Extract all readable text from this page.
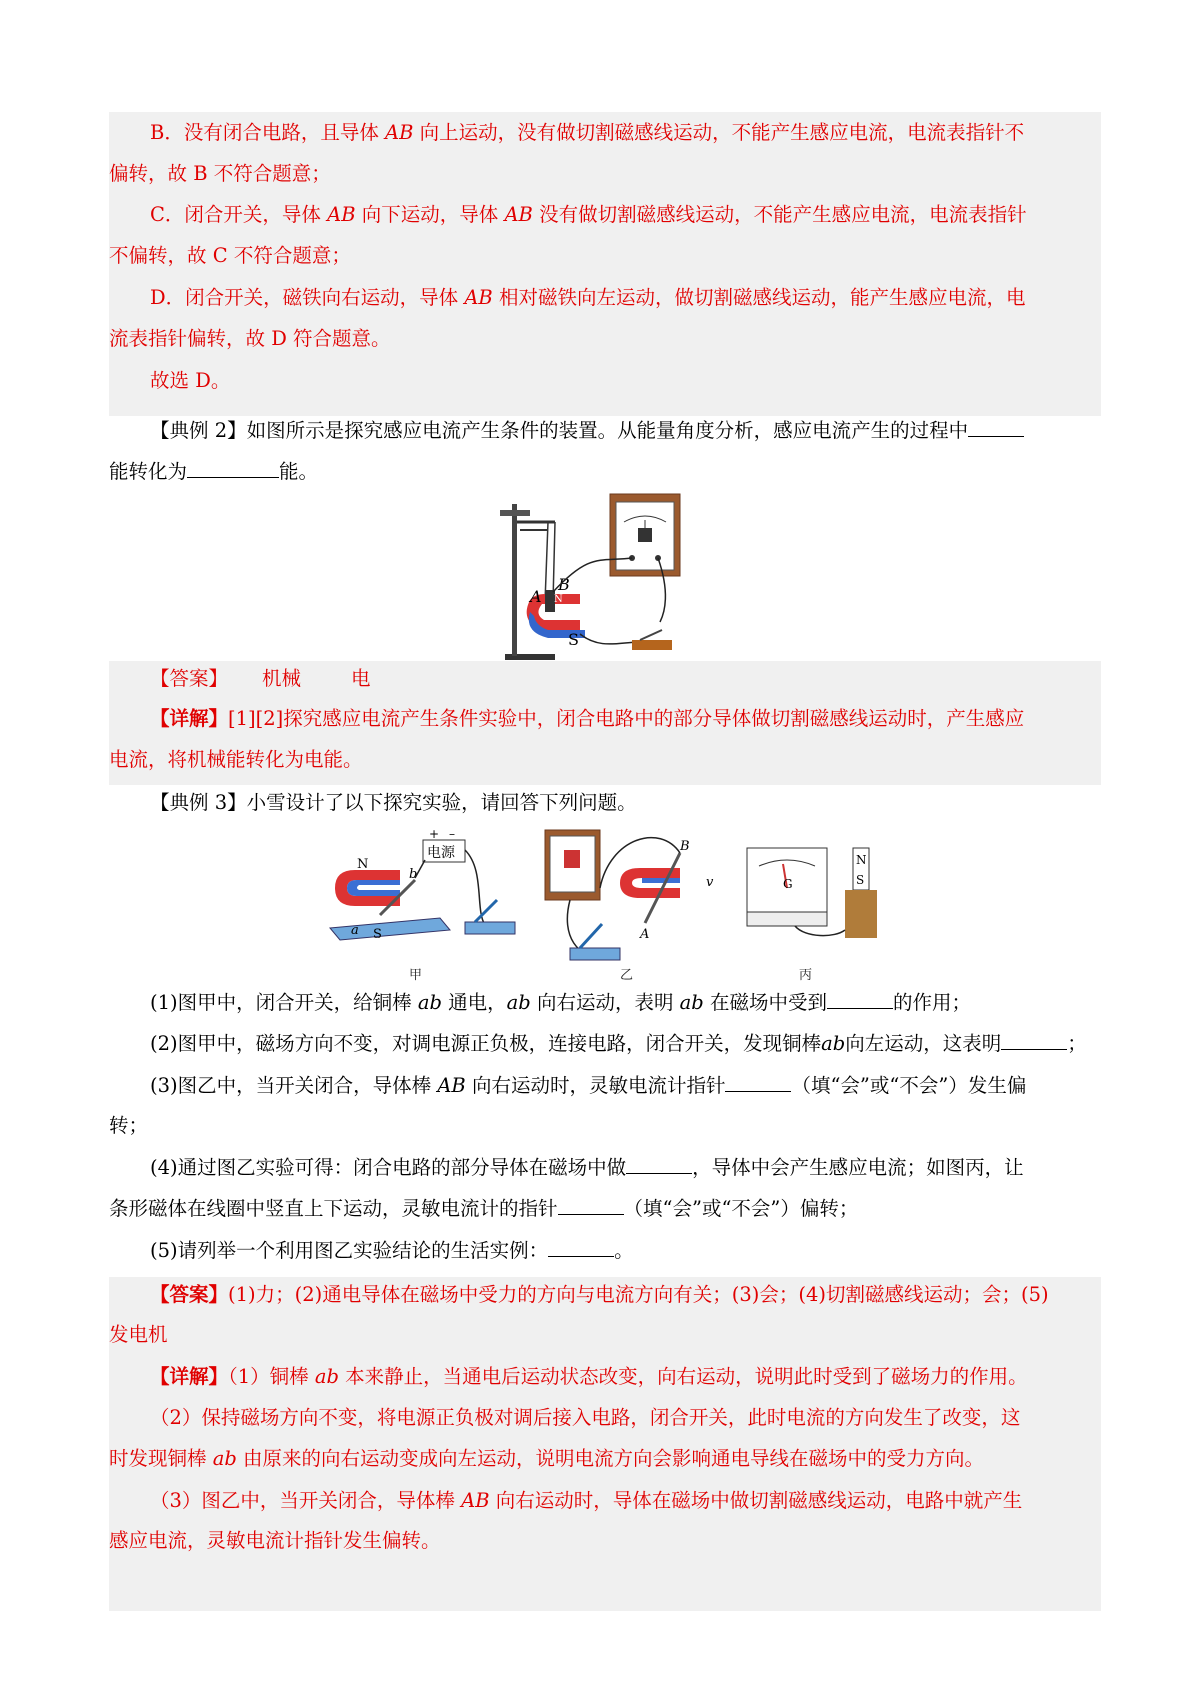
B．没有闭合电路，且导体 AB 向上运动，没有做切割磁感线运动，不能产生感应电流，电流表指针不
偏转，故 B 不符合题意；
C．闭合开关，导体 AB 向下运动，导体 AB 没有做切割磁感线运动，不能产生感应电流，电流表指针
不偏转，故 C 不符合题意；
D．闭合开关，磁铁向右运动，导体 AB 相对磁铁向左运动，做切割磁感线运动，能产生感应电流，电
流表指针偏转，故 D 符合题意。
故选 D。
【典例 2】如图所示是探究感应电流产生条件的装置。从能量角度分析，感应电流产生的过程中
能转化为	能。
A
B
N
S
【答案】 机械	电
【详解】[1][2]探究感应电流产生条件实验中，闭合电路中的部分导体做切割磁感线运动时，产生感应
电流，将机械能转化为电能。
【典例 3】小雪设计了以下探究实验，请回答下列问题。
电源
+ –
N
S
a
b
甲
A
B
v
乙
G
N
S
丙
(1)图甲中，闭合开关，给铜棒 ab 通电，ab 向右运动，表明 ab 在磁场中受到	的作用；
(2)图甲中，磁场方向不变，对调电源正负极，连接电路，闭合开关，发现铜棒ab向左运动，这表明	；
(3)图乙中，当开关闭合，导体棒 AB 向右运动时，灵敏电流计指针	（填“会”或“不会”）发生偏
转；
(4)通过图乙实验可得：闭合电路的部分导体在磁场中做	，导体中会产生感应电流；如图丙，让
条形磁体在线圈中竖直上下运动，灵敏电流计的指针	（填“会”或“不会”）偏转；
(5)请列举一个利用图乙实验结论的生活实例：	。
【答案】(1)力；(2)通电导体在磁场中受力的方向与电流方向有关；(3)会；(4)切割磁感线运动；会；(5)
发电机
【详解】（1）铜棒 ab 本来静止，当通电后运动状态改变，向右运动，说明此时受到了磁场力的作用。
（2）保持磁场方向不变，将电源正负极对调后接入电路，闭合开关，此时电流的方向发生了改变，这
时发现铜棒 ab 由原来的向右运动变成向左运动，说明电流方向会影响通电导线在磁场中的受力方向。
（3）图乙中，当开关闭合，导体棒 AB 向右运动时，导体在磁场中做切割磁感线运动，电路中就产生
感应电流，灵敏电流计指针发生偏转。
